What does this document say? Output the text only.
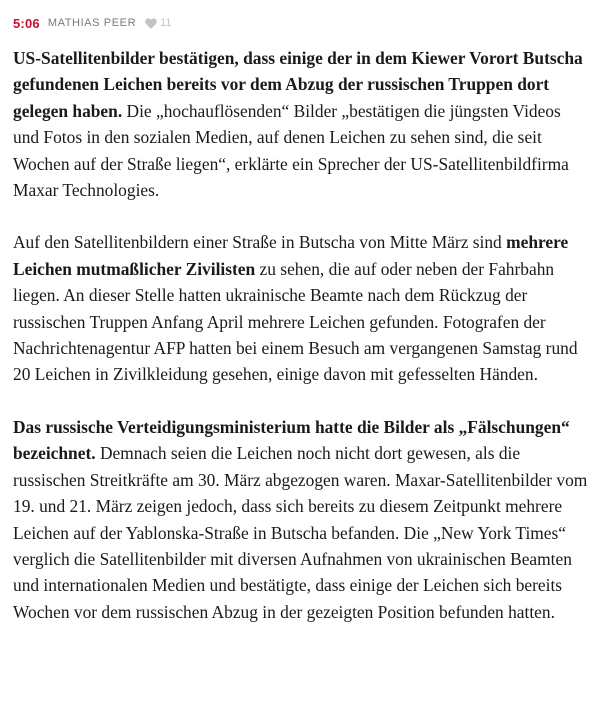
5:06 MATHIAS PEER 11

US-Satellitenbilder bestätigen, dass einige der in dem Kiewer Vorort Butscha gefundenen Leichen bereits vor dem Abzug der russischen Truppen dort gelegen haben. Die „hochauflösenden“ Bilder „bestätigen die jüngsten Videos und Fotos in den sozialen Medien, auf denen Leichen zu sehen sind, die seit Wochen auf der Straße liegen“, erklärte ein Sprecher der US-Satellitenbildfirma Maxar Technologies.

Auf den Satellitenbildern einer Straße in Butscha von Mitte März sind mehrere Leichen mutmaßlicher Zivilisten zu sehen, die auf oder neben der Fahrbahn liegen. An dieser Stelle hatten ukrainische Beamte nach dem Rückzug der russischen Truppen Anfang April mehrere Leichen gefunden. Fotografen der Nachrichtenagentur AFP hatten bei einem Besuch am vergangenen Samstag rund 20 Leichen in Zivilkleidung gesehen, einige davon mit gefesselten Händen.

Das russische Verteidigungsministerium hatte die Bilder als „Fälschungen“ bezeichnet. Demnach seien die Leichen noch nicht dort gewesen, als die russischen Streitkräfte am 30. März abgezogen waren. Maxar-Satellitenbilder vom 19. und 21. März zeigen jedoch, dass sich bereits zu diesem Zeitpunkt mehrere Leichen auf der Yablonska-Straße in Butscha befanden. Die „New York Times“ verglich die Satellitenbilder mit diversen Aufnahmen von ukrainischen Beamten und internationalen Medien und bestätigte, dass einige der Leichen sich bereits Wochen vor dem russischen Abzug in der gezeigten Position befunden hatten.
